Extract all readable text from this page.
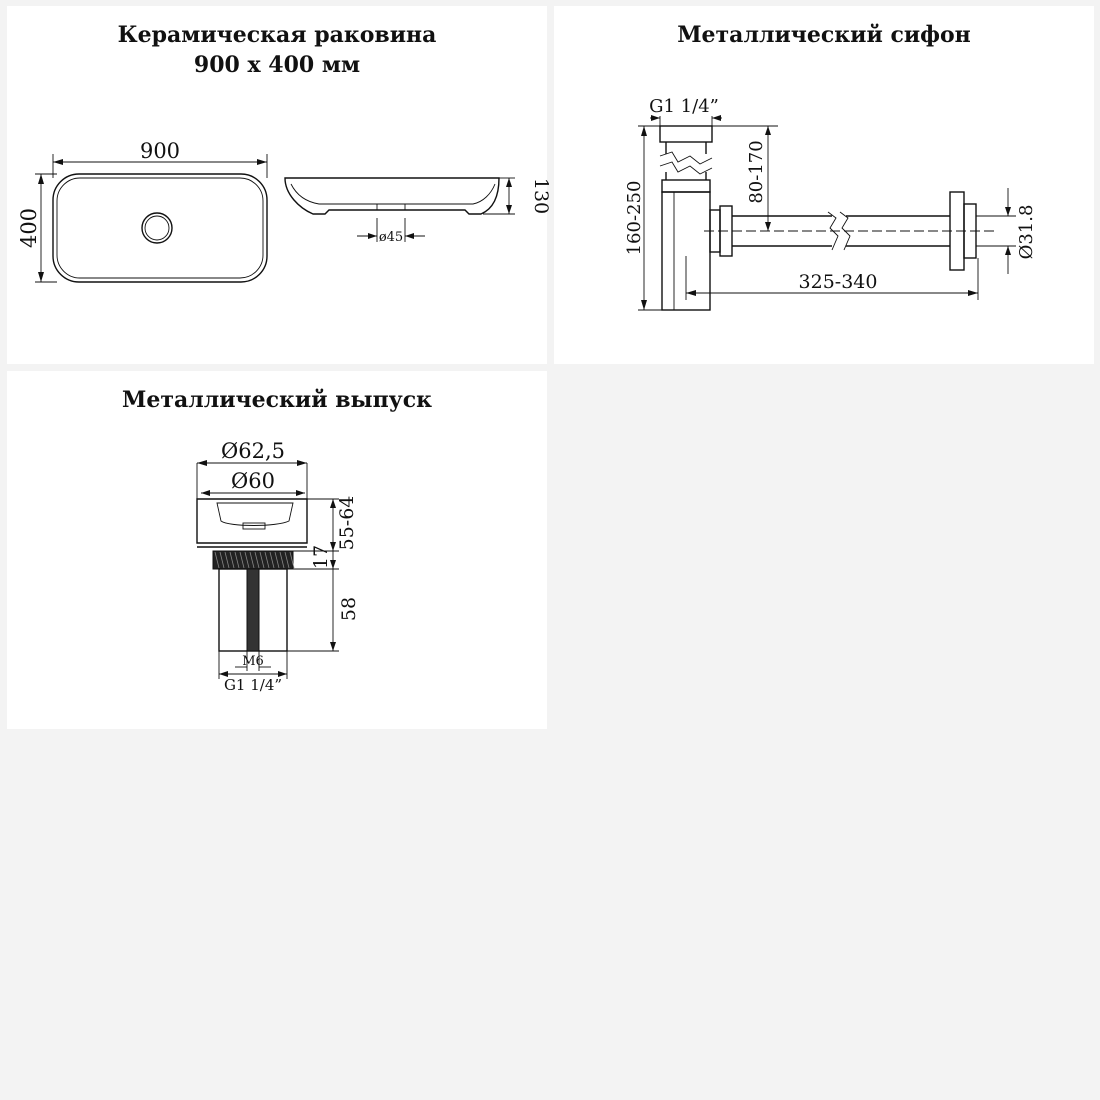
Керамическая раковина
900 x 400 мм
900
400
130
ø45
Металлический сифон
G1 1/4”
Ø31.8
80-170
160-250
325-340
Металлический выпуск
Ø62,5
Ø60
55-64
17
58
M6
G1 1/4”
